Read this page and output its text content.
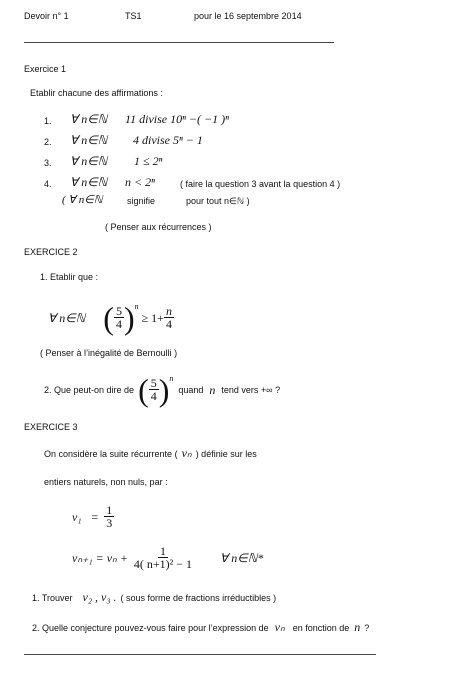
Devoir n° 1	TS1	pour le 16 septembre 2014
Exercice 1
Etablir chacune des affirmations :
1. ∀ n∈ℕ 11 divise 10ⁿ −( −1 )ⁿ
2. ∀ n∈ℕ 4 divise 5ⁿ − 1
3. ∀ n∈ℕ 1 ≤ 2ⁿ
4. ∀ n∈ℕ n < 2ⁿ	( faire la question 3 avant la question 4 )
( ∀ n∈ℕ	signifie	pour tout n∈ℕ )
( Penser aux récurrences )
EXERCICE 2
1. Etablir que :
∀ n∈ℕ ( $\frac{5}{4}$ ) n
≥ $1+ \frac{n}{4}$
( Penser à l’inégalité de Bernoulli )
2. Que peut-on dire de ( $\frac{5}{4}$ ) n
quand n tend vers +∞ ?
EXERCICE 3
On considère la suite récurrente ( vₙ ) définie sur les
entiers naturels, non nuls, par :
$v_1 = \frac{1}{3}$
$v_{n+1} = v_n + \frac{1}{\text{4( n+1)² − 1}}$ ∀ n∈ℕ*
1. Trouver v₂ , v₃ . ( sous forme de fractions irréductibles )
2. Quelle conjecture pouvez-vous faire pour l’expression de vₙ en fonction de n ?
